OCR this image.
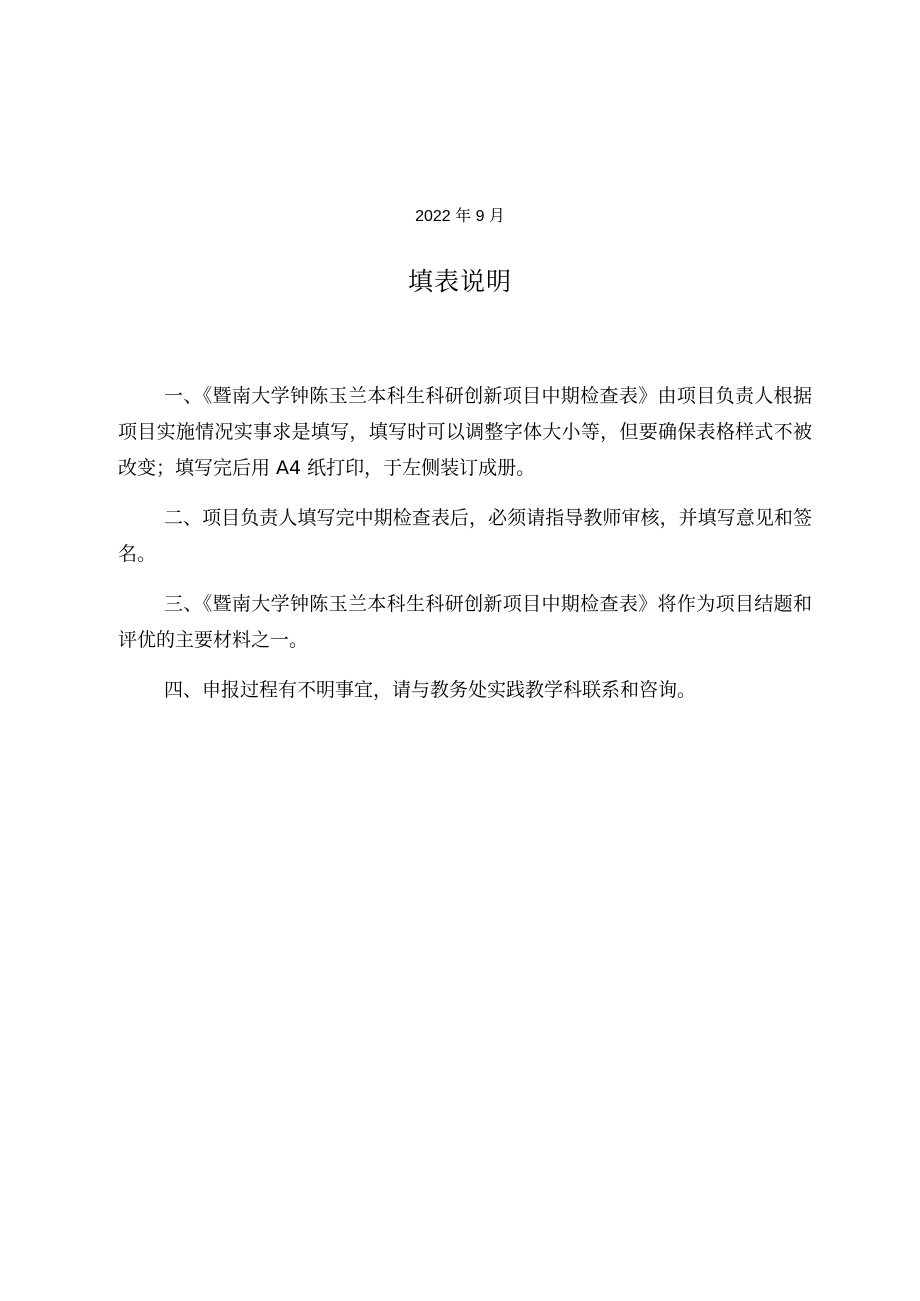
2022 年 9 月
填表说明

一、《暨南大学钟陈玉兰本科生科研创新项目中期检查表》由项目负责人根据项目实施情况实事求是填写，填写时可以调整字体大小等，但要确保表格样式不被改变；填写完后用 A4 纸打印，于左侧装订成册。

二、项目负责人填写完中期检查表后，必须请指导教师审核，并填写意见和签名。

三、《暨南大学钟陈玉兰本科生科研创新项目中期检查表》将作为项目结题和评优的主要材料之一。

四、申报过程有不明事宜，请与教务处实践教学科联系和咨询。
